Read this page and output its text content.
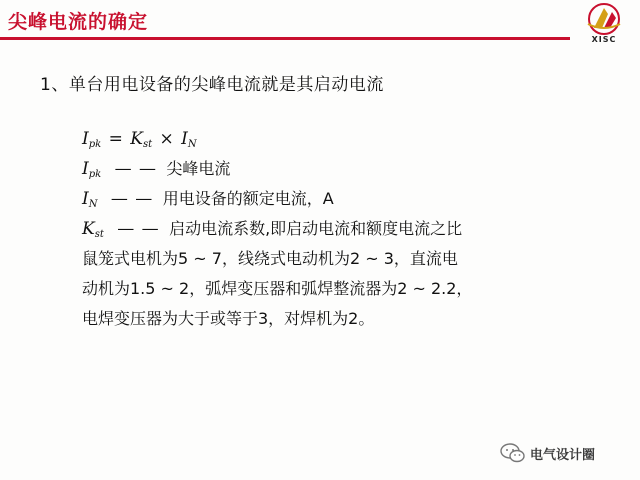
尖峰电流的确定
XISC
1、单台用电设备的尖峰电流就是其启动电流
$I_{pk} = K_{st} \times I_N$
$I_{pk}$ — — 尖峰电流
$I_N$ — — 用电设备的额定电流，A
$K_{st}$ — — 启动电流系数,即启动电流和额度电流之比
鼠笼式电机为5 ~ 7，线绕式电动机为2 ~ 3，直流电
动机为1.5 ~ 2，弧焊变压器和弧焊整流器为2 ~ 2.2，
电焊变压器为大于或等于3，对焊机为2。
电气设计圈
